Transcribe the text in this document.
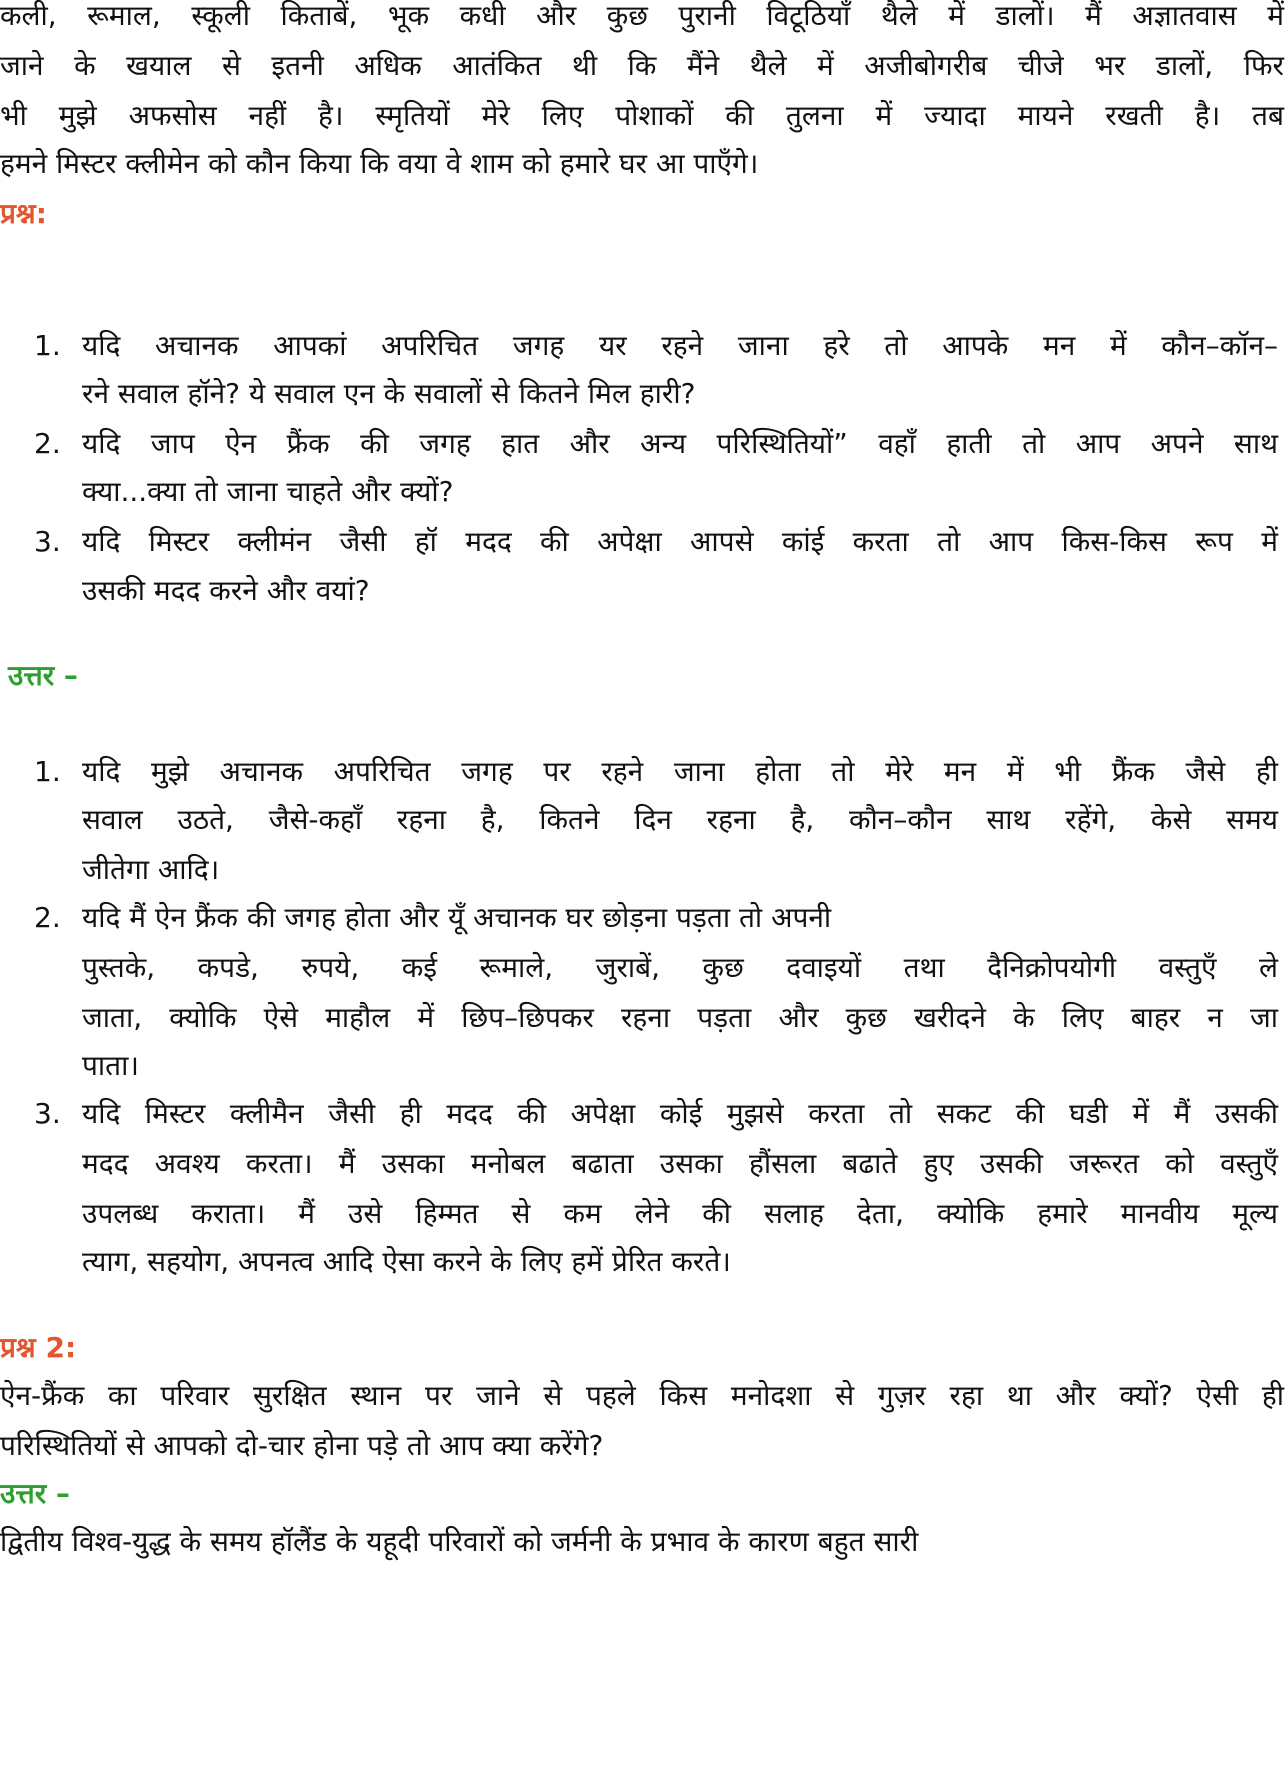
कली, रूमाल, स्कूली किताबें, भूक कधी और कुछ पुरानी विटूठियाँ थैले में डालों। मैं अज्ञातवास में
जाने के खयाल से इतनी अधिक आतंकित थी कि मैंने थैले में अजीबोगरीब चीजे भर डालों, फिर
भी मुझे अफसोस नहीं है। स्मृतियों मेरे लिए पोशाकों की तुलना में ज्यादा मायने रखती है। तब
हमने मिस्टर क्लीमेन को कौन किया कि वया वे शाम को हमारे घर आ पाएँगे।
प्रश्न:
1. यदि अचानक आपकां अपरिचित जगह यर रहने जाना हरे तो आपके मन में कौन–कॉन–
रने सवाल हॉने? ये सवाल एन के सवालों से कितने मिल हारी?
2. यदि जाप ऐन फ्रैंक की जगह हात और अन्य परिस्थितियों” वहाँ हाती तो आप अपने साथ
क्या...क्या तो जाना चाहते और क्यों?
3. यदि मिस्टर क्लीमंन जैसी हॉ मदद की अपेक्षा आपसे कांई करता तो आप किस-किस रूप में
उसकी मदद करने और वयां?
उत्तर –
1. यदि मुझे अचानक अपरिचित जगह पर रहने जाना होता तो मेरे मन में भी फ्रैंक जैसे ही
सवाल उठते, जैसे-कहाँ रहना है, कितने दिन रहना है, कौन–कौन साथ रहेंगे, केसे समय
जीतेगा आदि।
2. यदि मैं ऐन फ्रैंक की जगह होता और यूँ अचानक घर छोड़ना पड़ता तो अपनी
पुस्तके, कपडे, रुपये, कई रूमाले, जुराबें, कुछ दवाइयों तथा दैनिक्रोपयोगी वस्तुएँ ले
जाता, क्योकि ऐसे माहौल में छिप–छिपकर रहना पड़ता और कुछ खरीदने के लिए बाहर न जा
पाता।
3. यदि मिस्टर क्लीमैन जैसी ही मदद की अपेक्षा कोई मुझसे करता तो सकट की घडी में मैं उसकी
मदद अवश्य करता। मैं उसका मनोबल बढाता उसका हौंसला बढाते हुए उसकी जरूरत को वस्तुएँ
उपलब्ध कराता। मैं उसे हिम्मत से कम लेने की सलाह देता, क्योकि हमारे मानवीय मूल्य
त्याग, सहयोग, अपनत्व आदि ऐसा करने के लिए हमें प्रेरित करते।
प्रश्न 2:
ऐन-फ्रैंक का परिवार सुरक्षित स्थान पर जाने से पहले किस मनोदशा से गुज़र रहा था और क्यों? ऐसी ही
परिस्थितियों से आपको दो-चार होना पड़े तो आप क्या करेंगे?
उत्तर –
द्वितीय विश्व-युद्ध के समय हॉलैंड के यहूदी परिवारों को जर्मनी के प्रभाव के कारण बहुत सारी
